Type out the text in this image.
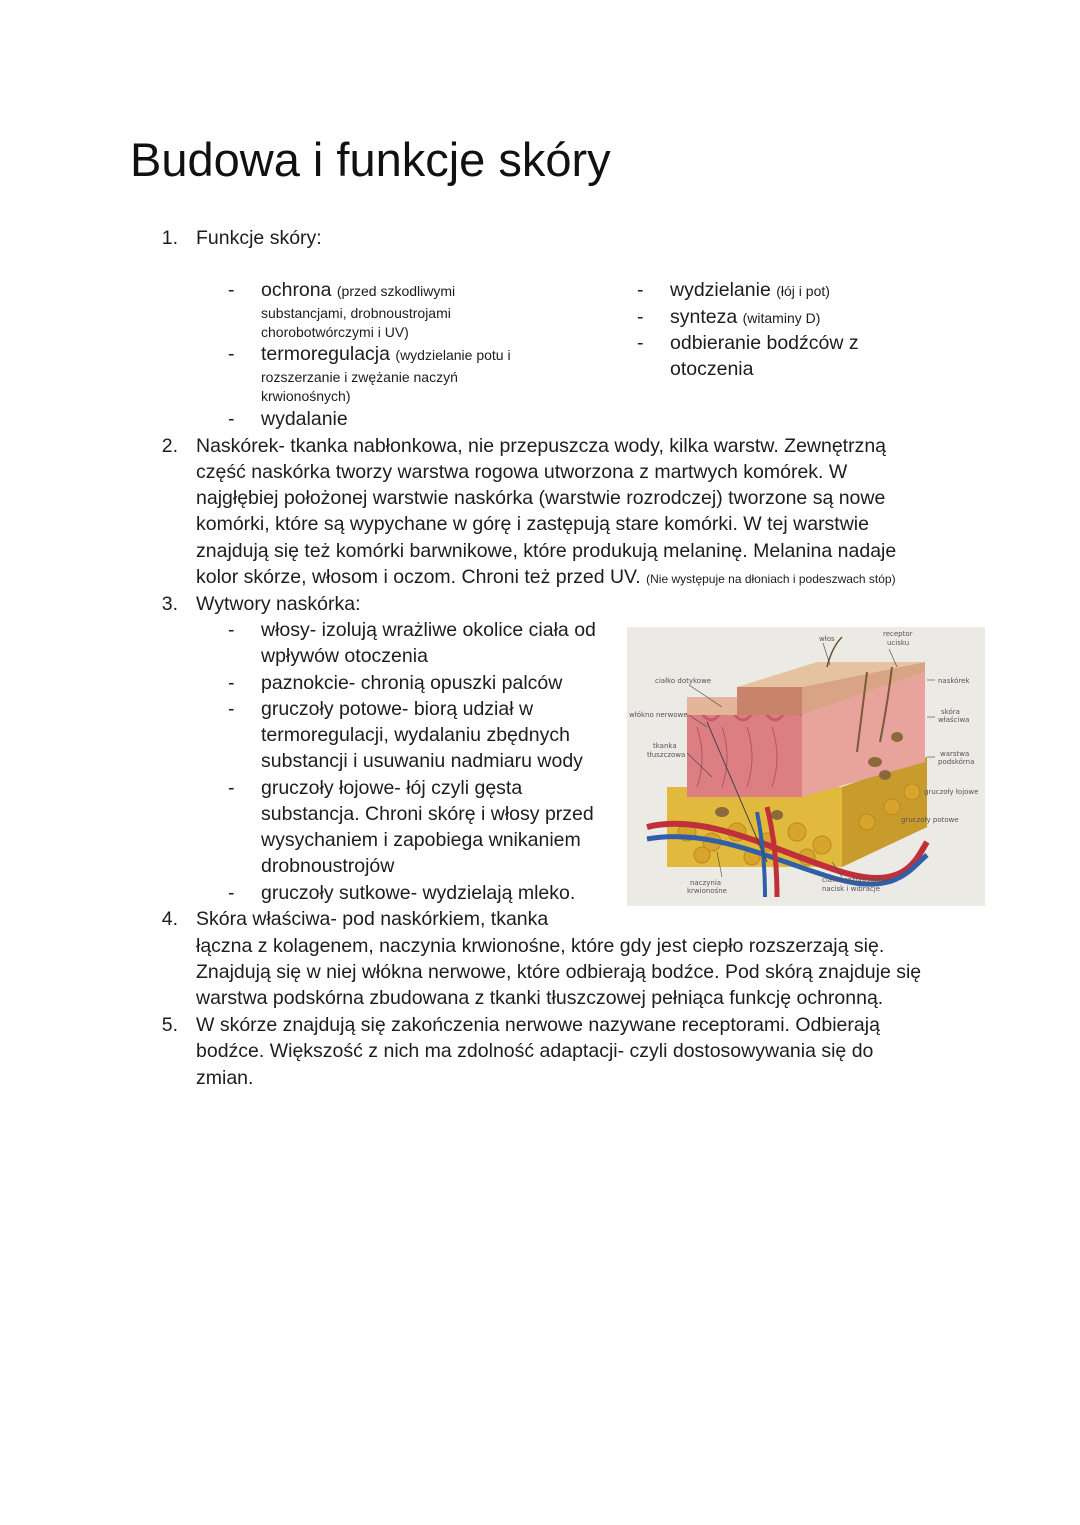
Budowa i funkcje skóry
1. Funkcje skóry:
- ochrona (przed szkodliwymi
substancjami, drobnoustrojami
chorobotwórczymi i UV)
- termoregulacja (wydzielanie potu i
rozszerzanie i zwężanie naczyń
krwionośnych)
- wydalanie
- wydzielanie (łój i pot)
- synteza (witaminy D)
- odbieranie bodźców z
otoczenia
2. Naskórek- tkanka nabłonkowa, nie przepuszcza wody, kilka warstw. Zewnętrzną
część naskórka tworzy warstwa rogowa utworzona z martwych komórek. W
najgłębiej położonej warstwie naskórka (warstwie rozrodczej) tworzone są nowe
komórki, które są wypychane w górę i zastępują stare komórki. W tej warstwie
znajdują się też komórki barwnikowe, które produkują melaninę. Melanina nadaje
kolor skórze, włosom i oczom. Chroni też przed UV. (Nie występuje na dłoniach i podeszwach stóp)
3. Wytwory naskórka:
- włosy- izolują wrażliwe okolice ciała od
wpływów otoczenia
- paznokcie- chronią opuszki palców
- gruczoły potowe- biorą udział w
termoregulacji, wydalaniu zbędnych
substancji i usuwaniu nadmiaru wody
- gruczoły łojowe- łój czyli gęsta
substancja. Chroni skórę i włosy przed
wysychaniem i zapobiega wnikaniem
drobnoustrojów
- gruczoły sutkowe- wydzielają mleko.
włos
receptor
ucisku
ciałko dotykowe
włókno nerwowe
tkanka
tłuszczowa
naskórek
skóra
właściwa
warstwa
podskórna
gruczoły łojowe
gruczoły potowe
naczynia
krwionośne
ciałka rozpoznające
nacisk i wibracje
4. Skóra właściwa- pod naskórkiem, tkanka
łączna z kolagenem, naczynia krwionośne, które gdy jest ciepło rozszerzają się.
Znajdują się w niej włókna nerwowe, które odbierają bodźce. Pod skórą znajduje się
warstwa podskórna zbudowana z tkanki tłuszczowej pełniąca funkcję ochronną.
5. W skórze znajdują się zakończenia nerwowe nazywane receptorami. Odbierają
bodźce. Większość z nich ma zdolność adaptacji- czyli dostosowywania się do
zmian.
